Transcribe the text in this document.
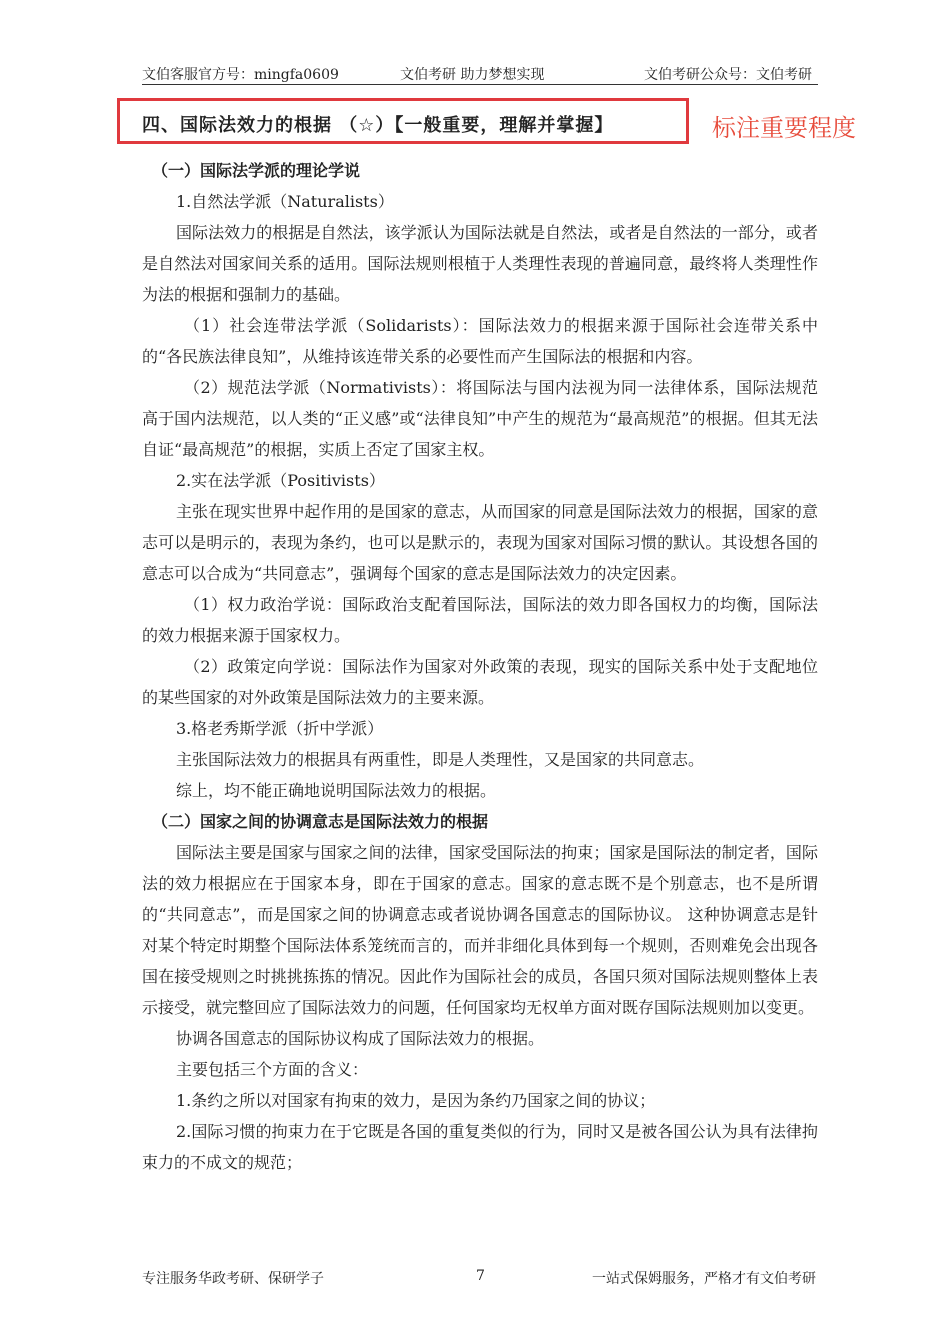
文伯客服官方号：mingfa0609	文伯考研 助力梦想实现	文伯考研公众号：文伯考研
四、国际法效力的根据 （☆）【一般重要，理解并掌握】	标注重要程度

（一）国际法学派的理论学说

1.自然法学派（Naturalists）

国际法效力的根据是自然法，该学派认为国际法就是自然法，或者是自然法的一部分，或者是自然法对国家间关系的适用。国际法规则根植于人类理性表现的普遍同意，最终将人类理性作为法的根据和强制力的基础。

（1）社会连带法学派（Solidarists）：国际法效力的根据来源于国际社会连带关系中的“各民族法律良知”，从维持该连带关系的必要性而产生国际法的根据和内容。

（2）规范法学派（Normativists）：将国际法与国内法视为同一法律体系，国际法规范高于国内法规范，以人类的“正义感”或“法律良知”中产生的规范为“最高规范”的根据。但其无法自证“最高规范”的根据，实质上否定了国家主权。

2.实在法学派（Positivists）

主张在现实世界中起作用的是国家的意志，从而国家的同意是国际法效力的根据，国家的意志可以是明示的，表现为条约，也可以是默示的，表现为国家对国际习惯的默认。其设想各国的意志可以合成为“共同意志”，强调每个国家的意志是国际法效力的决定因素。

（1）权力政治学说：国际政治支配着国际法，国际法的效力即各国权力的均衡，国际法的效力根据来源于国家权力。

（2）政策定向学说：国际法作为国家对外政策的表现，现实的国际关系中处于支配地位的某些国家的对外政策是国际法效力的主要来源。

3.格老秀斯学派（折中学派）

主张国际法效力的根据具有两重性，即是人类理性，又是国家的共同意志。

综上，均不能正确地说明国际法效力的根据。

（二）国家之间的协调意志是国际法效力的根据

国际法主要是国家与国家之间的法律，国家受国际法的拘束；国家是国际法的制定者，国际法的效力根据应在于国家本身，即在于国家的意志。国家的意志既不是个别意志，也不是所谓的“共同意志”，而是国家之间的协调意志或者说协调各国意志的国际协议。 这种协调意志是针对某个特定时期整个国际法体系笼统而言的，而并非细化具体到每一个规则，否则难免会出现各国在接受规则之时挑挑拣拣的情况。因此作为国际社会的成员，各国只须对国际法规则整体上表示接受，就完整回应了国际法效力的问题，任何国家均无权单方面对既存国际法规则加以变更。

协调各国意志的国际协议构成了国际法效力的根据。

主要包括三个方面的含义：

1.条约之所以对国家有拘束的效力，是因为条约乃国家之间的协议；

2.国际习惯的拘束力在于它既是各国的重复类似的行为，同时又是被各国公认为具有法律拘束力的不成文的规范；

专注服务华政考研、保研学子	7	一站式保姆服务，严格才有文伯考研
